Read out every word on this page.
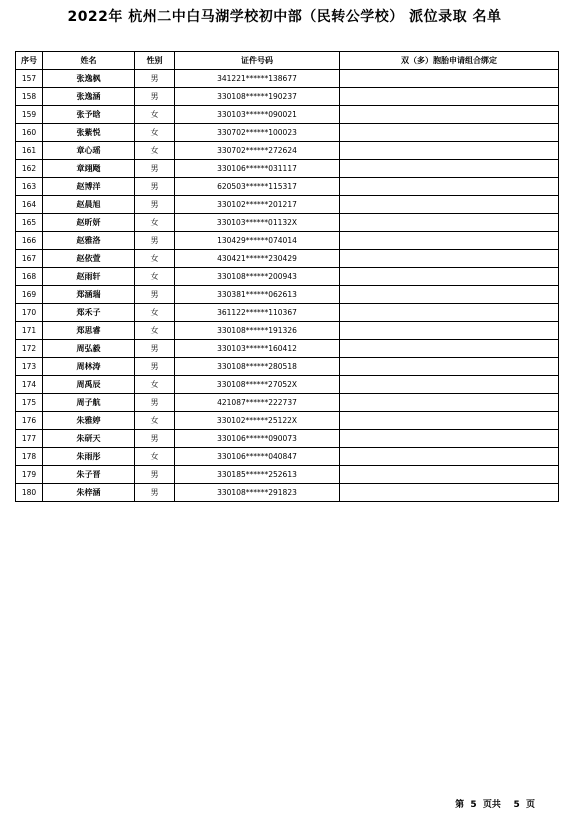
2022年 杭州二中白马湖学校初中部（民转公学校） 派位录取 名单
序号	姓名	性别	证件号码	双（多）胞胎申请组合绑定
157	张逸枫	男	341221******138677	
158	张逸涵	男	330108******190237	
159	张予晗	女	330103******090021	
160	张紫悦	女	330702******100023	
161	章心瑶	女	330702******272624	
162	章翊飏	男	330106******031117	
163	赵博洋	男	620503******115317	
164	赵晨旭	男	330102******201217	
165	赵昕妍	女	330103******01132X	
166	赵雅洛	男	130429******074014	
167	赵依萱	女	430421******230429	
168	赵雨轩	女	330108******200943	
169	郑涵瑞	男	330381******062613	
170	郑禾子	女	361122******110367	
171	郑思睿	女	330108******191326	
172	周弘毅	男	330103******160412	
173	周林涛	男	330108******280518	
174	周禹辰	女	330108******27052X	
175	周子航	男	421087******222737	
176	朱雅婷	女	330102******25122X	
177	朱研天	男	330106******090073	
178	朱雨彤	女	330106******040847	
179	朱子晋	男	330185******252613	
180	朱梓涵	男	330108******291823	
第  5  页共    5  页
